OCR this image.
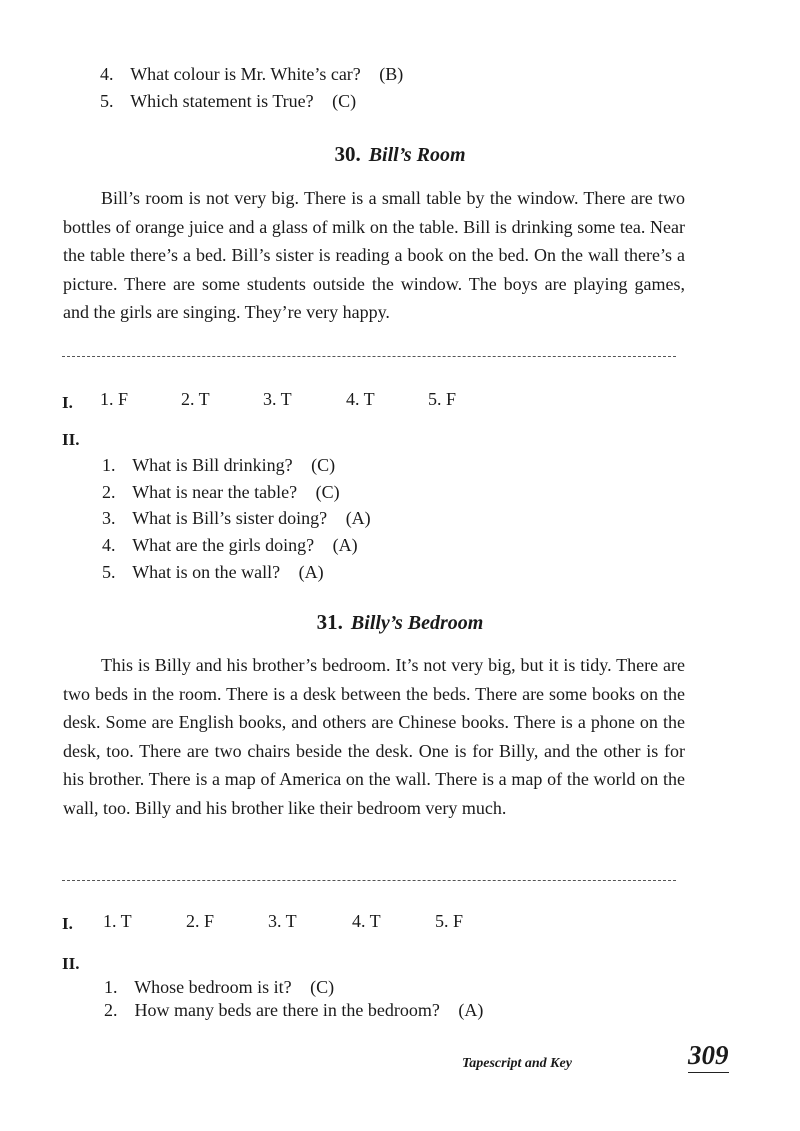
4. What colour is Mr. White’s car? (B)
5. Which statement is True? (C)
30. Bill’s Room
Bill’s room is not very big. There is a small table by the window. There are two bottles of orange juice and a glass of milk on the table. Bill is drinking some tea. Near the table there’s a bed. Bill’s sister is reading a book on the bed. On the wall there’s a picture. There are some students outside the window. The boys are playing games, and the girls are singing. They’re very happy.
I. 1. F	2. T	3. T	4. T	5. F
II.
1. What is Bill drinking? (C)
2. What is near the table? (C)
3. What is Bill’s sister doing? (A)
4. What are the girls doing? (A)
5. What is on the wall? (A)
31. Billy’s Bedroom
This is Billy and his brother’s bedroom. It’s not very big, but it is tidy. There are two beds in the room. There is a desk between the beds. There are some books on the desk. Some are English books, and others are Chinese books. There is a phone on the desk, too. There are two chairs beside the desk. One is for Billy, and the other is for his brother. There is a map of America on the wall. There is a map of the world on the wall, too. Billy and his brother like their bedroom very much.
I. 1. T	2. F	3. T	4. T	5. F
II.
1. Whose bedroom is it? (C)
2. How many beds are there in the bedroom? (A)
Tapescript and Key	309
